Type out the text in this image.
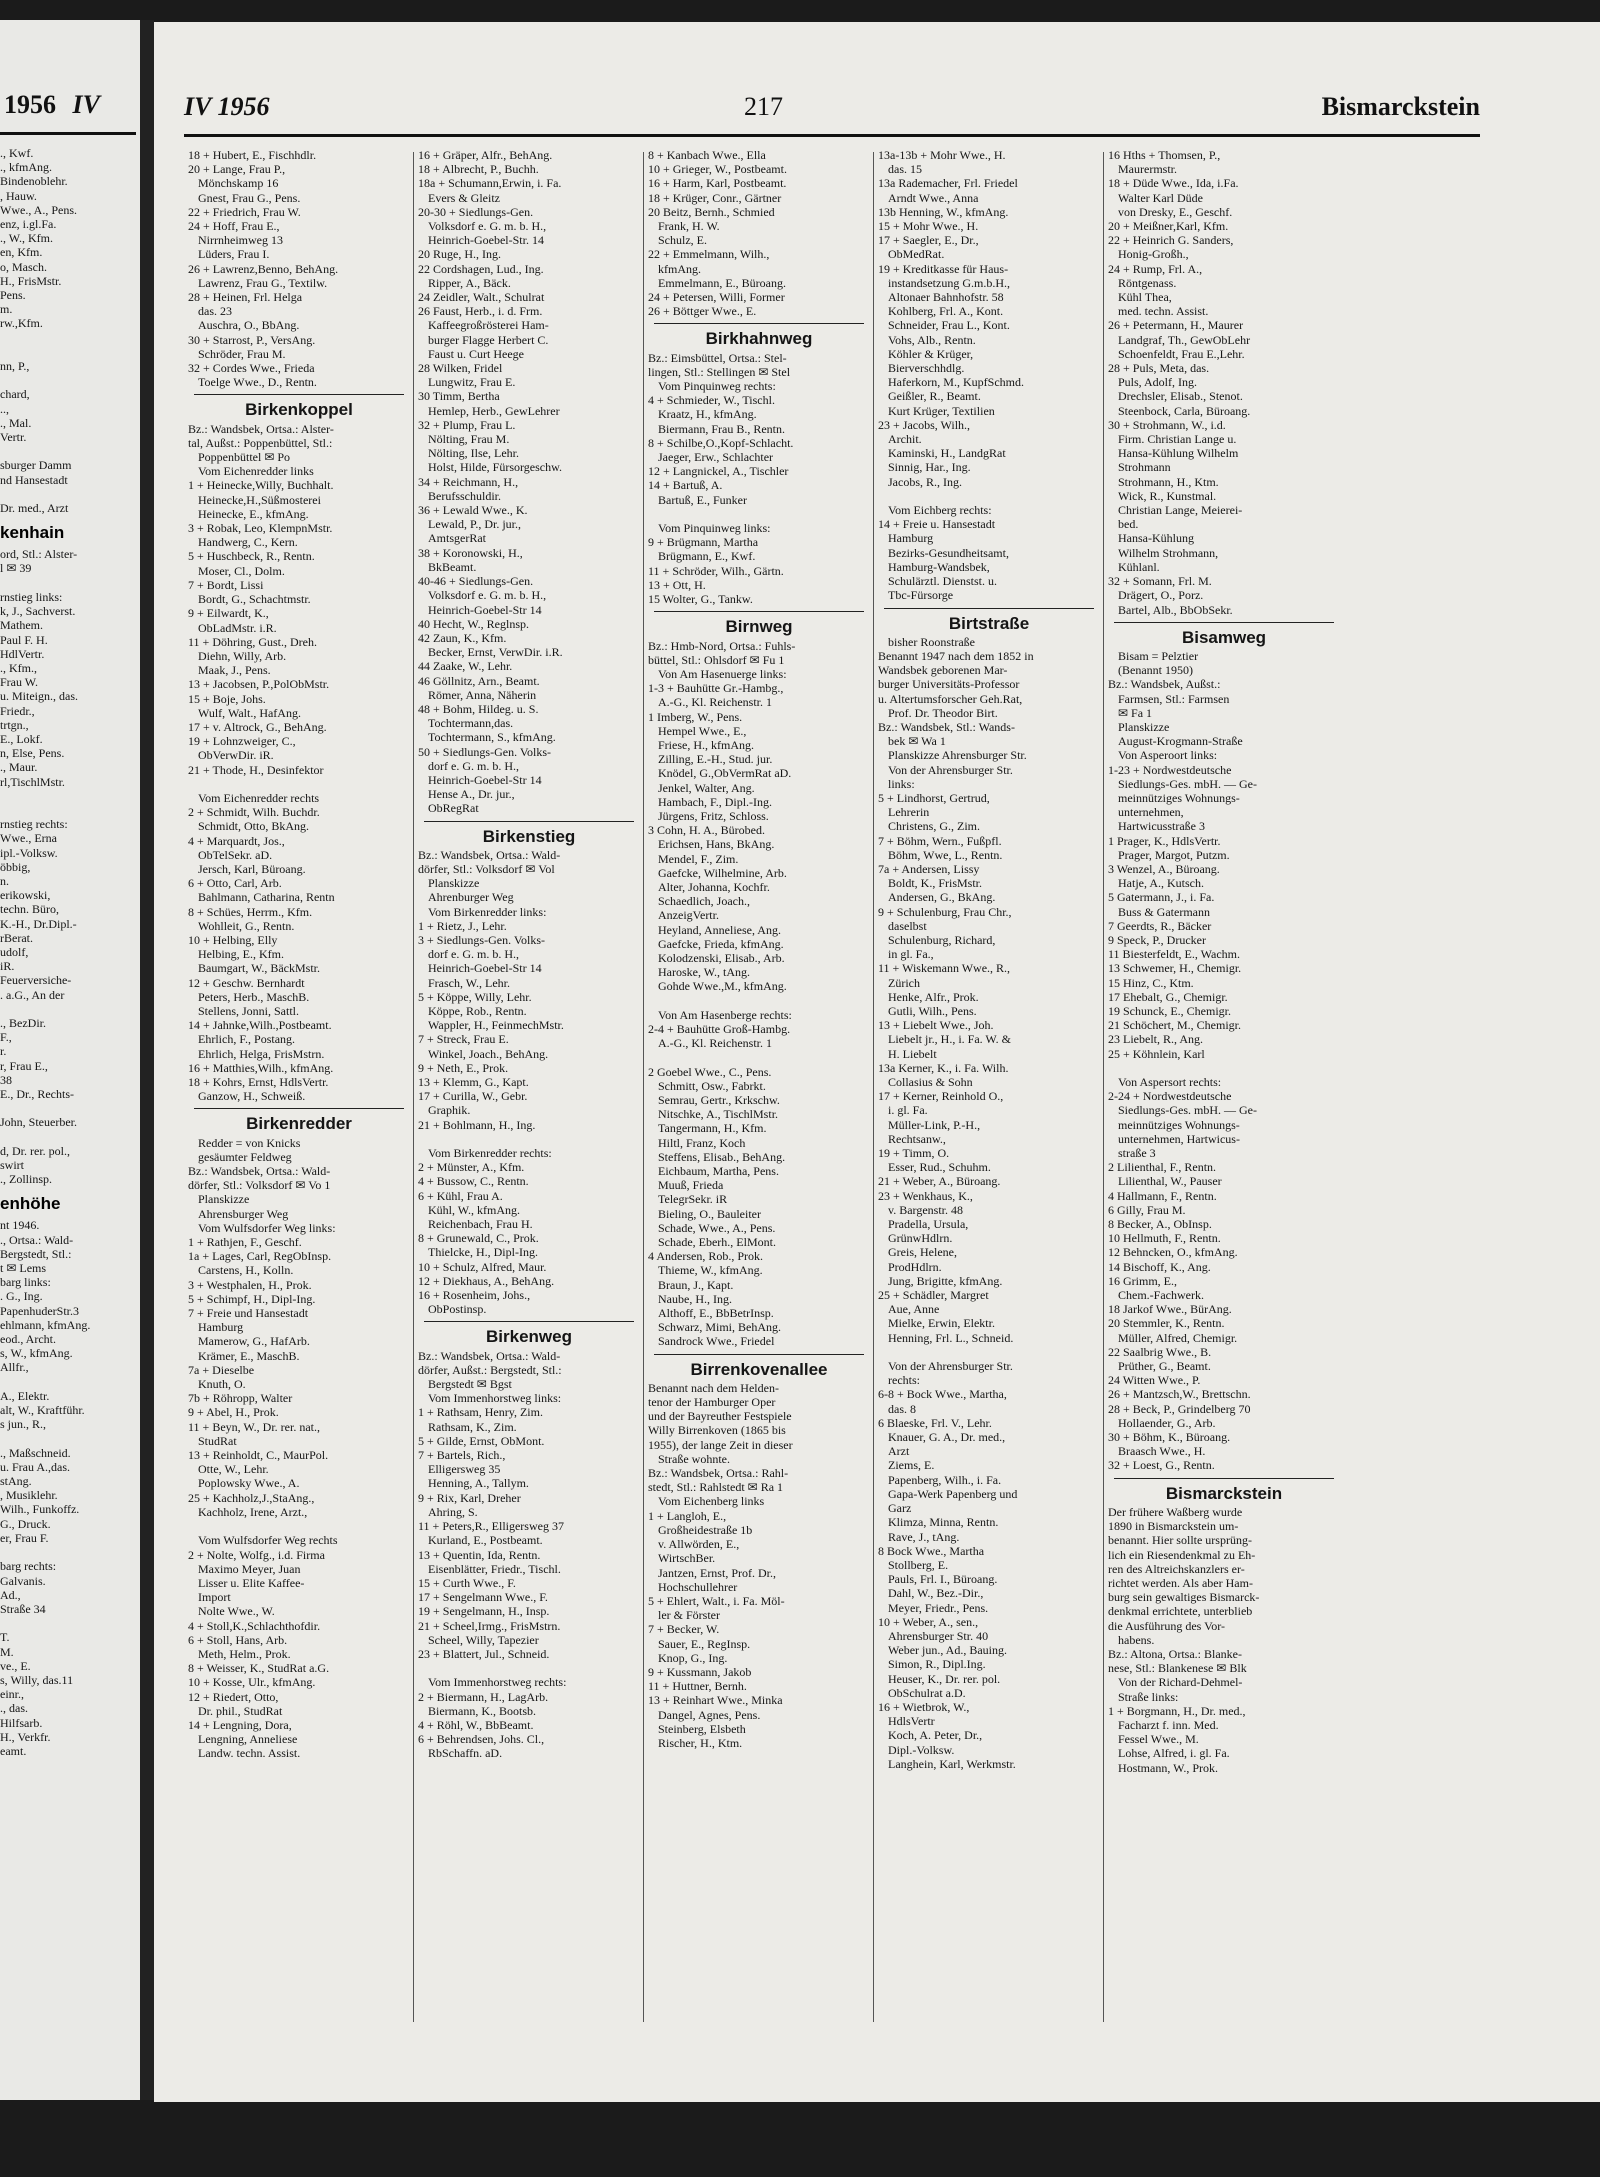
1956 IV
., Kwf.
., kfmAng.
Bindenoblehr.
, Hauw.
Wwe., A., Pens.
enz, i.gl.Fa.
., W., Kfm.
en, Kfm.
o, Masch.
H., FrisMstr.
Pens.
m.
rw.,Kfm.

nn, P.,

chard,
..,
., Mal.
Vertr.

sburger Damm
nd Hansestadt

Dr. med., Arzt
kenhain
ord, Stl.: Alster-
l ✉ 39

rnstieg links:
k, J., Sachverst.
Mathem.
Paul F. H.
HdlVertr.
., Kfm.,
Frau W.
u. Miteign., das.
Friedr.,
trtgn.,
E., Lokf.
n, Else, Pens.
., Maur.
rl,TischlMstr.

rnstieg rechts:
Wwe., Erna
ipl.-Volksw.
öbbig,
n.
erikowski,
techn. Büro,
K.-H., Dr.Dipl.-
rBerat.
udolf,
iR.
Feuerversiche-
. a.G., An der

., BezDir.
F.,
r.
r, Frau E.,
38
E., Dr., Rechts-

John, Steuerber.

d, Dr. rer. pol.,
swirt
., Zollinsp.
enhöhe
nt 1946.
., Ortsa.: Wald-
Bergstedt, Stl.:
t ✉ Lems
barg links:
. G., Ing.
PapenhuderStr.3
ehlmann, kfmAng.
eod., Archt.
s, W., kfmAng.
Allfr.,

A., Elektr.
alt, W., Kraftführ.
s jun., R.,

., Maßschneid.
u. Frau A.,das.
stAng.
, Musiklehr.
Wilh., Funkoffz.
G., Druck.
er, Frau F.

barg rechts:
Galvanis.
Ad.,
Straße 34

T.
M.
ve., E.
s, Willy, das.11
einr.,
., das.
Hilfsarb.
H., Verkfr.
eamt.
IV 1956	217	Bismarckstein
18 + Hubert, E., Fischhdlr.
20 + Lange, Frau P.,
Mönchskamp 16
Gnest, Frau G., Pens.
22 + Friedrich, Frau W.
24 + Hoff, Frau E.,
Nirrnheimweg 13
Lüders, Frau I.
26 + Lawrenz,Benno, BehAng.
Lawrenz, Frau G., Textilw.
28 + Heinen, Frl. Helga
das. 23
Auschra, O., BbAng.
30 + Starrost, P., VersAng.
Schröder, Frau M.
32 + Cordes Wwe., Frieda
Toelge Wwe., D., Rentn.
Birkenkoppel
Bz.: Wandsbek, Ortsa.: Alster-
tal, Außst.: Poppenbüttel, Stl.:
Poppenbüttel ✉ Po
Vom Eichenredder links
1 + Heinecke,Willy, Buchhalt.
Heinecke,H.,Süßmosterei
Heinecke, E., kfmAng.
3 + Robak, Leo, KlempnMstr.
Handwerg, C., Kern.
5 + Huschbeck, R., Rentn.
Moser, Cl., Dolm.
7 + Bordt, Lissi
Bordt, G., Schachtmstr.
9 + Eilwardt, K.,
ObLadMstr. i.R.
11 + Döhring, Gust., Dreh.
Diehn, Willy, Arb.
Maak, J., Pens.
13 + Jacobsen, P.,PolObMstr.
15 + Boje, Johs.
Wulf, Walt., HafAng.
17 + v. Altrock, G., BehAng.
19 + Lohnzweiger, C.,
ObVerwDir. iR.
21 + Thode, H., Desinfektor

Vom Eichenredder rechts
2 + Schmidt, Wilh. Buchdr.
Schmidt, Otto, BkAng.
4 + Marquardt, Jos.,
ObTelSekr. aD.
Jersch, Karl, Büroang.
6 + Otto, Carl, Arb.
Bahlmann, Catharina, Rentn
8 + Schües, Herrm., Kfm.
Wohlleit, G., Rentn.
10 + Helbing, Elly
Helbing, E., Kfm.
Baumgart, W., BäckMstr.
12 + Geschw. Bernhardt
Peters, Herb., MaschB.
Stellens, Jonni, Sattl.
14 + Jahnke,Wilh.,Postbeamt.
Ehrlich, F., Postang.
Ehrlich, Helga, FrisMstrn.
16 + Matthies,Wilh., kfmAng.
18 + Kohrs, Ernst, HdlsVertr.
Ganzow, H., Schweiß.
Birkenredder
Redder = von Knicks
gesäumter Feldweg
Bz.: Wandsbek, Ortsa.: Wald-
dörfer, Stl.: Volksdorf ✉ Vo 1
Planskizze
Ahrensburger Weg
Vom Wulfsdorfer Weg links:
1 + Rathjen, F., Geschf.
1a + Lages, Carl, RegObInsp.
Carstens, H., Kolln.
3 + Westphalen, H., Prok.
5 + Schimpf, H., Dipl-Ing.
7 + Freie und Hansestadt
Hamburg
Mamerow, G., HafArb.
Krämer, E., MaschB.
7a + Dieselbe
Knuth, O.
7b + Röhropp, Walter
9 + Abel, H., Prok.
11 + Beyn, W., Dr. rer. nat.,
StudRat
13 + Reinholdt, C., MaurPol.
Otte, W., Lehr.
Poplowsky Wwe., A.
25 + Kachholz,J.,StaAng.,
Kachholz, Irene, Arzt.,

Vom Wulfsdorfer Weg rechts
2 + Nolte, Wolfg., i.d. Firma
Maximo Meyer, Juan
Lisser u. Elite Kaffee-
Import
Nolte Wwe., W.
4 + Stoll,K.,Schlachthofdir.
6 + Stoll, Hans, Arb.
Meth, Helm., Prok.
8 + Weisser, K., StudRat a.G.
10 + Kosse, Ulr., kfmAng.
12 + Riedert, Otto,
Dr. phil., StudRat
14 + Lengning, Dora,
Lengning, Anneliese
Landw. techn. Assist.
16 + Gräper, Alfr., BehAng.
18 + Albrecht, P., Buchh.
18a + Schumann,Erwin, i. Fa.
Evers & Gleitz
20-30 + Siedlungs-Gen.
Volksdorf e. G. m. b. H.,
Heinrich-Goebel-Str. 14
20 Ruge, H., Ing.
22 Cordshagen, Lud., Ing.
Ripper, A., Bäck.
24 Zeidler, Walt., Schulrat
26 Faust, Herb., i. d. Frm.
Kaffeegroßrösterei Ham-
burger Flagge Herbert C.
Faust u. Curt Heege
28 Wilken, Fridel
Lungwitz, Frau E.
30 Timm, Bertha
Hemlep, Herb., GewLehrer
32 + Plump, Frau L.
Nölting, Frau M.
Nölting, Ilse, Lehr.
Holst, Hilde, Fürsorgeschw.
34 + Reichmann, H.,
Berufsschuldir.
36 + Lewald Wwe., K.
Lewald, P., Dr. jur.,
AmtsgerRat
38 + Koronowski, H.,
BkBeamt.
40-46 + Siedlungs-Gen.
Volksdorf e. G. m. b. H.,
Heinrich-Goebel-Str 14
40 Hecht, W., Reglnsp.
42 Zaun, K., Kfm.
Becker, Ernst, VerwDir. i.R.
44 Zaake, W., Lehr.
46 Göllnitz, Arn., Beamt.
Römer, Anna, Näherin
48 + Bohm, Hildeg. u. S.
Tochtermann,das.
Tochtermann, S., kfmAng.
50 + Siedlungs-Gen. Volks-
dorf e. G. m. b. H.,
Heinrich-Goebel-Str 14
Hense A., Dr. jur.,
ObRegRat
Birkenstieg
Bz.: Wandsbek, Ortsa.: Wald-
dörfer, Stl.: Volksdorf ✉ Vol
Planskizze
Ahrenburger Weg
Vom Birkenredder links:
1 + Rietz, J., Lehr.
3 + Siedlungs-Gen. Volks-
dorf e. G. m. b. H.,
Heinrich-Goebel-Str 14
Frasch, W., Lehr.
5 + Köppe, Willy, Lehr.
Köppe, Rob., Rentn.
Wappler, H., FeinmechMstr.
7 + Streck, Frau E.
Winkel, Joach., BehAng.
9 + Neth, E., Prok.
13 + Klemm, G., Kapt.
17 + Curilla, W., Gebr.
Graphik.
21 + Bohlmann, H., Ing.

Vom Birkenredder rechts:
2 + Münster, A., Kfm.
4 + Bussow, C., Rentn.
6 + Kühl, Frau A.
Kühl, W., kfmAng.
Reichenbach, Frau H.
8 + Grunewald, C., Prok.
Thielcke, H., Dipl-Ing.
10 + Schulz, Alfred, Maur.
12 + Diekhaus, A., BehAng.
16 + Rosenheim, Johs.,
ObPostinsp.
Birkenweg
Bz.: Wandsbek, Ortsa.: Wald-
dörfer, Außst.: Bergstedt, Stl.:
Bergstedt ✉ Bgst
Vom Immenhorstweg links:
1 + Rathsam, Henry, Zim.
Rathsam, K., Zim.
5 + Gilde, Ernst, ObMont.
7 + Bartels, Rich.,
Elligersweg 35
Henning, A., Tallym.
9 + Rix, Karl, Dreher
Ahring, S.
11 + Peters,R., Elligersweg 37
Kurland, E., Postbeamt.
13 + Quentin, Ida, Rentn.
Eisenblätter, Friedr., Tischl.
15 + Curth Wwe., F.
17 + Sengelmann Wwe., F.
19 + Sengelmann, H., Insp.
21 + Scheel,Irmg., FrisMstrn.
Scheel, Willy, Tapezier
23 + Blattert, Jul., Schneid.

Vom Immenhorstweg rechts:
2 + Biermann, H., LagArb.
Biermann, K., Bootsb.
4 + Röhl, W., BbBeamt.
6 + Behrendsen, Johs. Cl.,
RbSchaffn. aD.
8 + Kanbach Wwe., Ella
10 + Grieger, W., Postbeamt.
16 + Harm, Karl, Postbeamt.
18 + Krüger, Conr., Gärtner
20 Beitz, Bernh., Schmied
Frank, H. W.
Schulz, E.
22 + Emmelmann, Wilh.,
kfmAng.
Emmelmann, E., Büroang.
24 + Petersen, Willi, Former
26 + Böttger Wwe., E.
Birkhahnweg
Bz.: Eimsbüttel, Ortsa.: Stel-
lingen, Stl.: Stellingen ✉ Stel
Vom Pinquinweg rechts:
4 + Schmieder, W., Tischl.
Kraatz, H., kfmAng.
Biermann, Frau B., Rentn.
8 + Schilbe,O.,Kopf-Schlacht.
Jaeger, Erw., Schlachter
12 + Langnickel, A., Tischler
14 + Bartuß, A.
Bartuß, E., Funker

Vom Pinquinweg links:
9 + Brügmann, Martha
Brügmann, E., Kwf.
11 + Schröder, Wilh., Gärtn.
13 + Ott, H.
15 Wolter, G., Tankw.
Birnweg
Bz.: Hmb-Nord, Ortsa.: Fuhls-
büttel, Stl.: Ohlsdorf ✉ Fu 1
Von Am Hasenuerge links:
1-3 + Bauhütte Gr.-Hambg.,
A.-G., Kl. Reichenstr. 1
1 Imberg, W., Pens.
Hempel Wwe., E.,
Friese, H., kfmAng.
Zilling, E.-H., Stud. jur.
Knödel, G.,ObVermRat aD.
Jenkel, Walter, Ang.
Hambach, F., Dipl.-Ing.
Jürgens, Fritz, Schloss.
3 Cohn, H. A., Bürobed.
Erichsen, Hans, BkAng.
Mendel, F., Zim.
Gaefcke, Wilhelmine, Arb.
Alter, Johanna, Kochfr.
Schaedlich, Joach.,
AnzeigVertr.
Heyland, Anneliese, Ang.
Gaefcke, Frieda, kfmAng.
Kolodzenski, Elisab., Arb.
Haroske, W., tAng.
Gohde Wwe.,M., kfmAng.

Von Am Hasenberge rechts:
2-4 + Bauhütte Groß-Hambg.
A.-G., Kl. Reichenstr. 1

2 Goebel Wwe., C., Pens.
Schmitt, Osw., Fabrkt.
Semrau, Gertr., Krkschw.
Nitschke, A., TischlMstr.
Tangermann, H., Kfm.
Hiltl, Franz, Koch
Steffens, Elisab., BehAng.
Eichbaum, Martha, Pens.
Muuß, Frieda
TelegrSekr. iR
Bieling, O., Bauleiter
Schade, Wwe., A., Pens.
Schade, Eberh., ElMont.
4 Andersen, Rob., Prok.
Thieme, W., kfmAng.
Braun, J., Kapt.
Naube, H., Ing.
Althoff, E., BbBetrInsp.
Schwarz, Mimi, BehAng.
Sandrock Wwe., Friedel
Birrenkovenallee
Benannt nach dem Helden-
tenor der Hamburger Oper
und der Bayreuther Festspiele
Willy Birrenkoven (1865 bis
1955), der lange Zeit in dieser
Straße wohnte.
Bz.: Wandsbek, Ortsa.: Rahl-
stedt, Stl.: Rahlstedt ✉ Ra 1
Vom Eichenberg links
1 + Langloh, E.,
Großheidestraße 1b
v. Allwörden, E.,
WirtschBer.
Jantzen, Ernst, Prof. Dr.,
Hochschullehrer
5 + Ehlert, Walt., i. Fa. Möl-
ler & Förster
7 + Becker, W.
Sauer, E., RegInsp.
Knop, G., Ing.
9 + Kussmann, Jakob
11 + Huttner, Bernh.
13 + Reinhart Wwe., Minka
Dangel, Agnes, Pens.
Steinberg, Elsbeth
Rischer, H., Ktm.
13a-13b + Mohr Wwe., H.
das. 15
13a Rademacher, Frl. Friedel
Arndt Wwe., Anna
13b Henning, W., kfmAng.
15 + Mohr Wwe., H.
17 + Saegler, E., Dr.,
ObMedRat.
19 + Kreditkasse für Haus-
instandsetzung G.m.b.H.,
Altonaer Bahnhofstr. 58
Kohlberg, Frl. A., Kont.
Schneider, Frau L., Kont.
Vohs, Alb., Rentn.
Köhler & Krüger,
Bierverschhdlg.
Haferkorn, M., KupfSchmd.
Geißler, R., Beamt.
Kurt Krüger, Textilien
23 + Jacobs, Wilh.,
Archit.
Kaminski, H., LandgRat
Sinnig, Har., Ing.
Jacobs, R., Ing.

Vom Eichberg rechts:
14 + Freie u. Hansestadt
Hamburg
Bezirks-Gesundheitsamt,
Hamburg-Wandsbek,
Schulärztl. Dienstst. u.
Tbc-Fürsorge
Birtstraße
bisher Roonstraße
Benannt 1947 nach dem 1852 in
Wandsbek geborenen Mar-
burger Universitäts-Professor
u. Altertumsforscher Geh.Rat,
Prof. Dr. Theodor Birt.
Bz.: Wandsbek, Stl.: Wands-
bek ✉ Wa 1
Planskizze Ahrensburger Str.
Von der Ahrensburger Str.
links:
5 + Lindhorst, Gertrud,
Lehrerin
Christens, G., Zim.
7 + Böhm, Wern., Fußpfl.
Böhm, Wwe, L., Rentn.
7a + Andersen, Lissy
Boldt, K., FrisMstr.
Andersen, G., BkAng.
9 + Schulenburg, Frau Chr.,
daselbst
Schulenburg, Richard,
in gl. Fa.,
11 + Wiskemann Wwe., R.,
Zürich
Henke, Alfr., Prok.
Gutli, Wilh., Pens.
13 + Liebelt Wwe., Joh.
Liebelt jr., H., i. Fa. W. &
H. Liebelt
13a Kerner, K., i. Fa. Wilh.
Collasius & Sohn
17 + Kerner, Reinhold O.,
i. gl. Fa.
Müller-Link, P.-H.,
Rechtsanw.,
19 + Timm, O.
Esser, Rud., Schuhm.
21 + Weber, A., Büroang.
23 + Wenkhaus, K.,
v. Bargenstr. 48
Pradella, Ursula,
GrünwHdlrn.
Greis, Helene,
ProdHdlrn.
Jung, Brigitte, kfmAng.
25 + Schädler, Margret
Aue, Anne
Mielke, Erwin, Elektr.
Henning, Frl. L., Schneid.

Von der Ahrensburger Str.
rechts:
6-8 + Bock Wwe., Martha,
das. 8
6 Blaeske, Frl. V., Lehr.
Knauer, G. A., Dr. med.,
Arzt
Ziems, E.
Papenberg, Wilh., i. Fa.
Gapa-Werk Papenberg und
Garz
Klimza, Minna, Rentn.
Rave, J., tAng.
8 Bock Wwe., Martha
Stollberg, E.
Pauls, Frl. I., Büroang.
Dahl, W., Bez.-Dir.,
Meyer, Friedr., Pens.
10 + Weber, A., sen.,
Ahrensburger Str. 40
Weber jun., Ad., Bauing.
Simon, R., Dipl.Ing.
Heuser, K., Dr. rer. pol.
ObSchulrat a.D.
16 + Wietbrok, W.,
HdlsVertr
Koch, A. Peter, Dr.,
Dipl.-Volksw.
Langhein, Karl, Werkmstr.
16 Hths + Thomsen, P.,
Maurermstr.
18 + Düde Wwe., Ida, i.Fa.
Walter Karl Düde
von Dresky, E., Geschf.
20 + Meißner,Karl, Kfm.
22 + Heinrich G. Sanders,
Honig-Großh.,
24 + Rump, Frl. A.,
Röntgenass.
Kühl Thea,
med. techn. Assist.
26 + Petermann, H., Maurer
Landgraf, Th., GewObLehr
Schoenfeldt, Frau E.,Lehr.
28 + Puls, Meta, das.
Puls, Adolf, Ing.
Drechsler, Elisab., Stenot.
Steenbock, Carla, Büroang.
30 + Strohmann, W., i.d.
Firm. Christian Lange u.
Hansa-Kühlung Wilhelm
Strohmann
Strohmann, H., Ktm.
Wick, R., Kunstmal.
Christian Lange, Meierei-
bed.
Hansa-Kühlung
Wilhelm Strohmann,
Kühlanl.
32 + Somann, Frl. M.
Drägert, O., Porz.
Bartel, Alb., BbObSekr.
Bisamweg
Bisam = Pelztier
(Benannt 1950)
Bz.: Wandsbek, Außst.:
Farmsen, Stl.: Farmsen
✉ Fa 1
Planskizze
August-Krogmann-Straße
Von Asperoort links:
1-23 + Nordwestdeutsche
Siedlungs-Ges. mbH. — Ge-
meinnütziges Wohnungs-
unternehmen,
Hartwicusstraße 3
1 Prager, K., HdlsVertr.
Prager, Margot, Putzm.
3 Wenzel, A., Büroang.
Hatje, A., Kutsch.
5 Gatermann, J., i. Fa.
Buss & Gatermann
7 Geerdts, R., Bäcker
9 Speck, P., Drucker
11 Biesterfeldt, E., Wachm.
13 Schwemer, H., Chemigr.
15 Hinz, C., Ktm.
17 Ehebalt, G., Chemigr.
19 Schunck, E., Chemigr.
21 Schöchert, M., Chemigr.
23 Liebelt, R., Ang.
25 + Köhnlein, Karl

Von Aspersort rechts:
2-24 + Nordwestdeutsche
Siedlungs-Ges. mbH. — Ge-
meinnütziges Wohnungs-
unternehmen, Hartwicus-
straße 3
2 Lilienthal, F., Rentn.
Lilienthal, W., Pauser
4 Hallmann, F., Rentn.
6 Gilly, Frau M.
8 Becker, A., ObInsp.
10 Hellmuth, F., Rentn.
12 Behncken, O., kfmAng.
14 Bischoff, K., Ang.
16 Grimm, E.,
Chem.-Fachwerk.
18 Jarkof Wwe., BürAng.
20 Stemmler, K., Rentn.
Müller, Alfred, Chemigr.
22 Saalbrig Wwe., B.
Prüther, G., Beamt.
24 Witten Wwe., P.
26 + Mantzsch,W., Brettschn.
28 + Beck, P., Grindelberg 70
Hollaender, G., Arb.
30 + Böhm, K., Büroang.
Braasch Wwe., H.
32 + Loest, G., Rentn.
Bismarckstein
Der frühere Waßberg wurde
1890 in Bismarckstein um-
benannt. Hier sollte ursprüng-
lich ein Riesendenkmal zu Eh-
ren des Altreichskanzlers er-
richtet werden. Als aber Ham-
burg sein gewaltiges Bismarck-
denkmal errichtete, unterblieb
die Ausführung des Vor-
habens.
Bz.: Altona, Ortsa.: Blanke-
nese, Stl.: Blankenese ✉ Blk
Von der Richard-Dehmel-
Straße links:
1 + Borgmann, H., Dr. med.,
Facharzt f. inn. Med.
Fessel Wwe., M.
Lohse, Alfred, i. gl. Fa.
Hostmann, W., Prok.
